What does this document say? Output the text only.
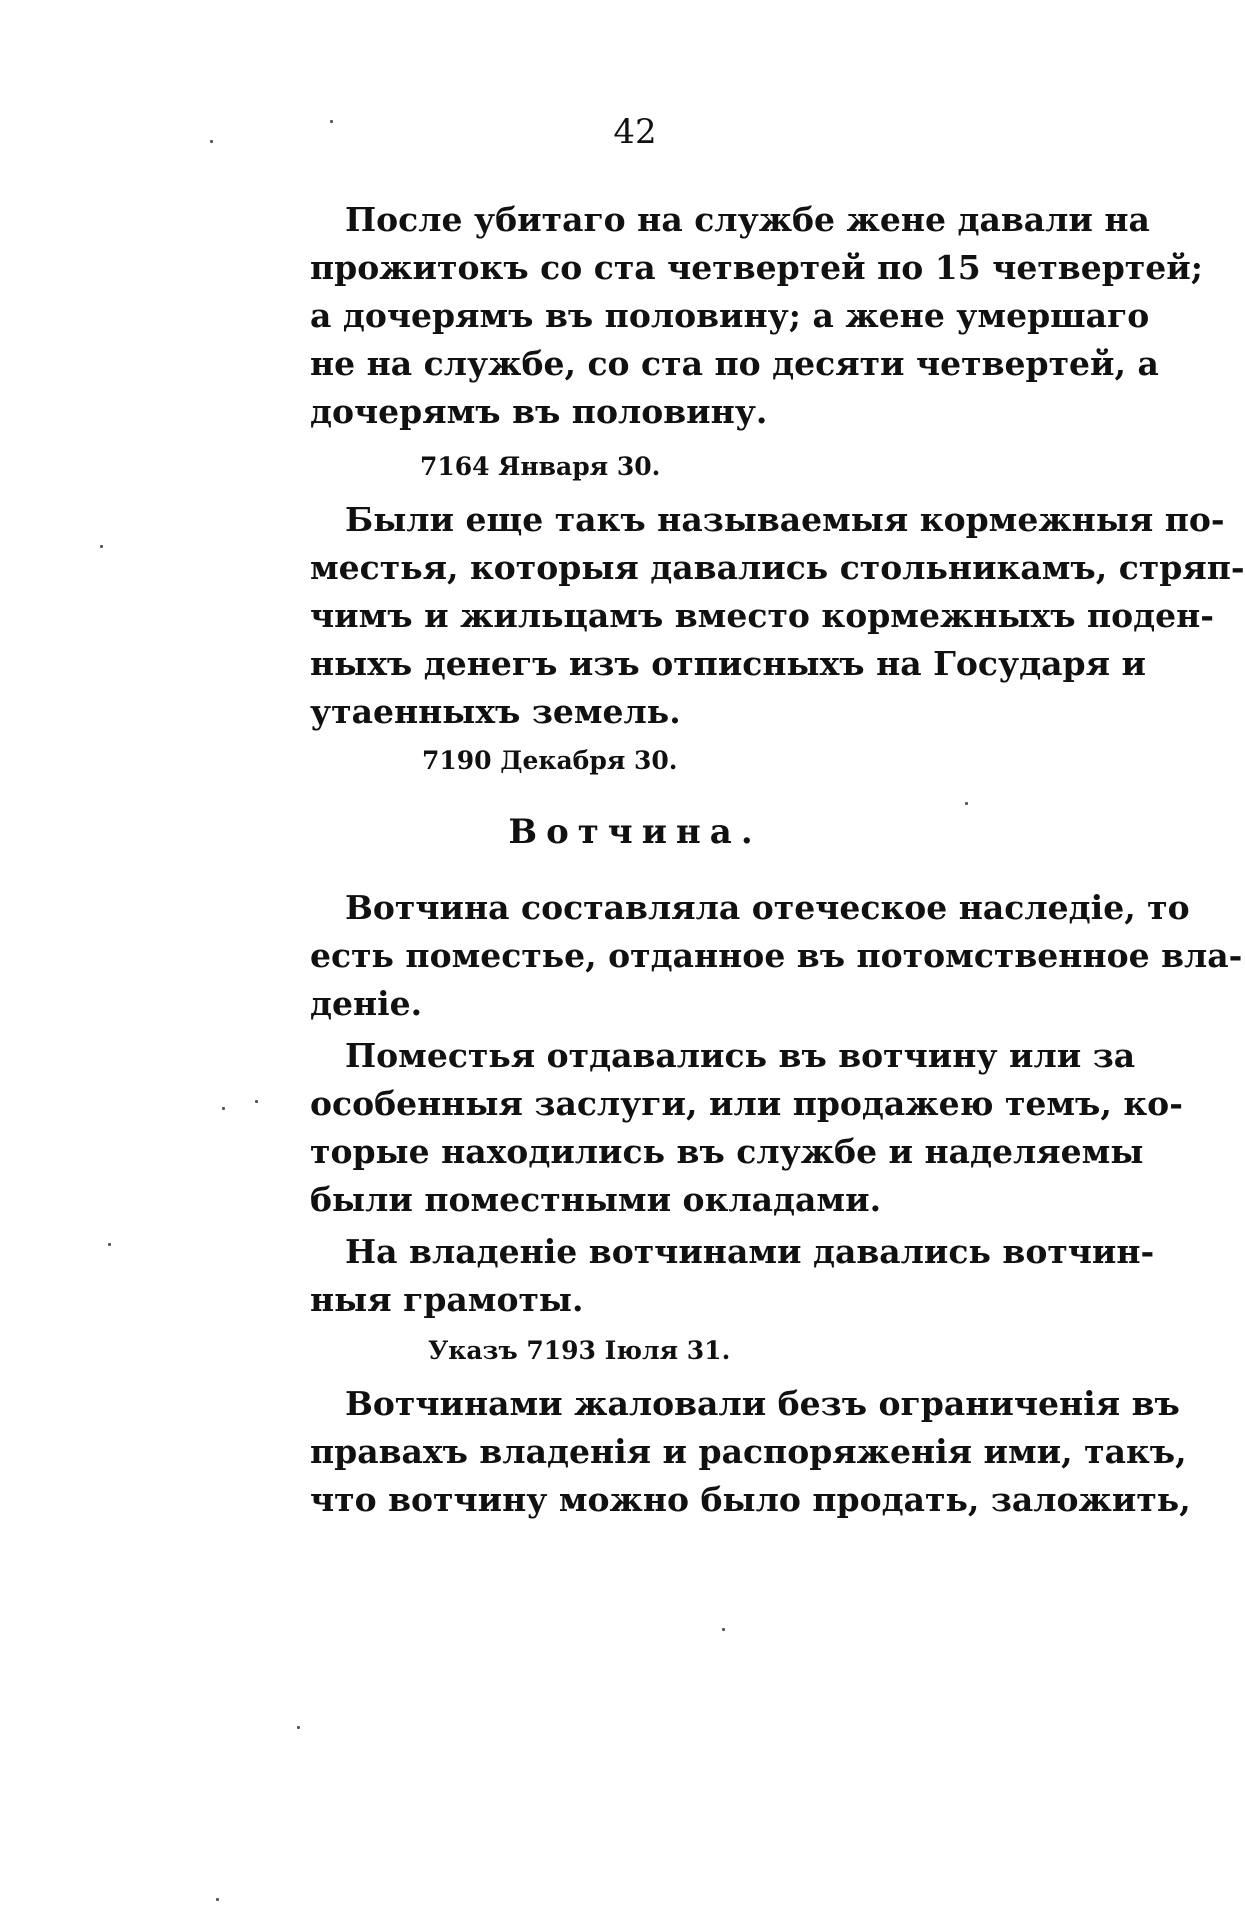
42
После убитаго на службе жене давали на
прожитокъ со ста четвертей по 15 четвертей;
а дочерямъ въ половину; а жене умершаго
не на службе, со ста по десяти четвертей, а
дочерямъ въ половину.
7164 Января 30.
Были еще такъ называемыя кормежныя по-
местья, которыя давались стольникамъ, стряп-
чимъ и жильцамъ вместо кормежныхъ поден-
ныхъ денегъ изъ отписныхъ на Государя и
утаенныхъ земель.
7190 Декабря 30.
Вотчина.
Вотчина составляла отеческое наследіе, то
есть поместье, отданное въ потомственное вла-
деніе.
Поместья отдавались въ вотчину или за
особенныя заслуги, или продажею темъ, ко-
торые находились въ службе и наделяемы
были поместными окладами.
На владеніе вотчинами давались вотчин-
ныя грамоты.
Указъ 7193 Іюля 31.
Вотчинами жаловали безъ ограниченія въ
правахъ владенія и распоряженія ими, такъ,
что вотчину можно было продать, заложить,
